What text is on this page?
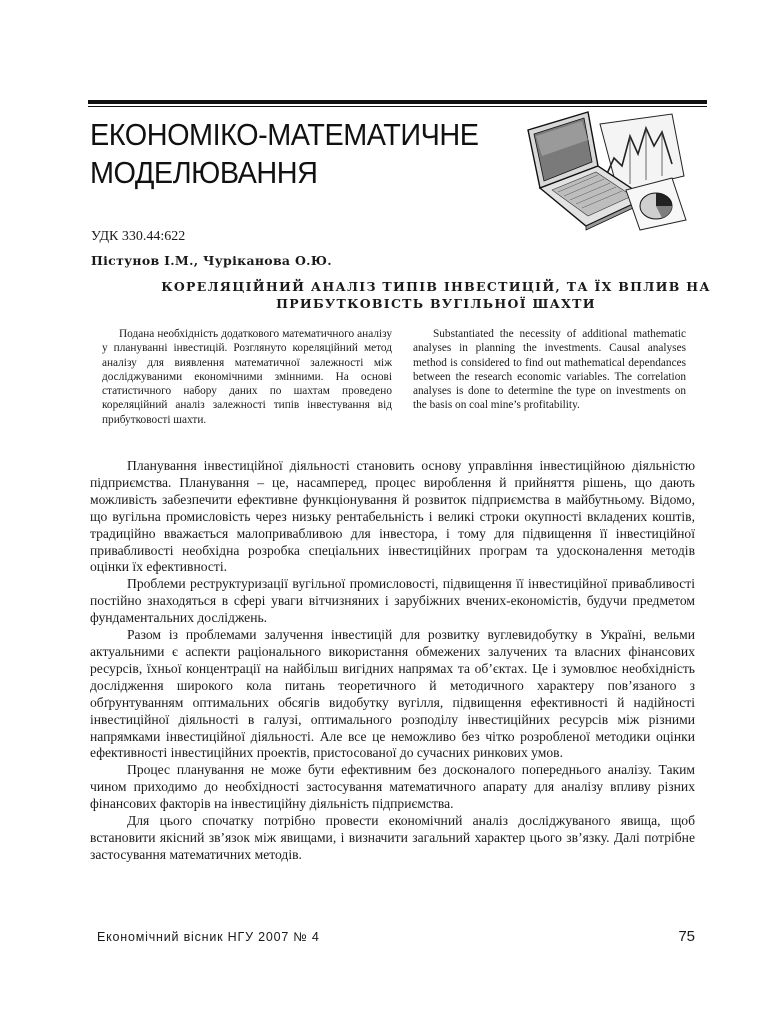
ЕКОНОМІКО-МАТЕМАТИЧНЕ
МОДЕЛЮВАННЯ
УДК 330.44:622
Пістунов І.М., Чуріканова О.Ю.
КОРЕЛЯЦІЙНИЙ АНАЛІЗ ТИПІВ ІНВЕСТИЦІЙ, ТА ЇХ ВПЛИВ НА
ПРИБУТКОВІСТЬ ВУГІЛЬНОЇ ШАХТИ
Подана необхідність додаткового математичного аналізу у плануванні інвестицій. Розглянуто кореляційний метод аналізу для виявлення математичної залежності між досліджуваними економічними змінними. На основі статистичного набору даних по шахтам проведено кореляційний аналіз залежності типів інвестування від прибутковості шахти.
Substantiated the necessity of additional mathematic analyses in planning the investments. Causal analyses method is considered to find out mathematical dependances between the research economic variables. The correlation analyses is done to determine the type on investments on the basis on coal mine’s profitability.

Планування інвестиційної діяльності становить основу управління інвестиційною діяльністю підприємства. Планування – це, насамперед, процес вироблення й прийняття рішень, що дають можливість забезпечити ефективне функціонування й розвиток підприємства в майбутньому. Відомо, що вугільна промисловість через низьку рентабельність і великі строки окупності вкладених коштів, традиційно вважається малопривабливою для інвестора, і тому для підвищення її інвестиційної привабливості необхідна розробка спеціальних інвестиційних програм та удосконалення методів оцінки їх ефективності.

Проблеми реструктуризації вугільної промисловості, підвищення її інвестиційної привабливості постійно знаходяться в сфері уваги вітчизняних і зарубіжних вчених-економістів, будучи предметом фундаментальних досліджень.

Разом із проблемами залучення інвестицій для розвитку вуглевидобутку в Україні, вельми актуальними є аспекти раціонального використання обмежених залучених та власних фінансових ресурсів, їхньої концентрації на найбільш вигідних напрямах та об’єктах. Це і зумовлює необхідність дослідження широкого кола питань теоретичного й методичного характеру пов’язаного з обґрунтуванням оптимальних обсягів видобутку вугілля, підвищення ефективності й надійності інвестиційної діяльності в галузі, оптимального розподілу інвестиційних ресурсів між різними напрямками інвестиційної діяльності. Але все це неможливо без чітко розробленої методики оцінки ефективності інвестиційних проектів, пристосованої до сучасних ринкових умов.

Процес планування не може бути ефективним без досконалого попереднього аналізу. Таким чином приходимо до необхідності застосування математичного апарату для аналізу впливу різних фінансових факторів на інвестиційну діяльність підприємства.

Для цього спочатку потрібно провести економічний аналіз досліджуваного явища, щоб встановити якісний зв’язок між явищами, і визначити загальний характер цього зв’язку. Далі потрібне застосування математичних методів.

Економічний вісник НГУ 2007 № 4	75
